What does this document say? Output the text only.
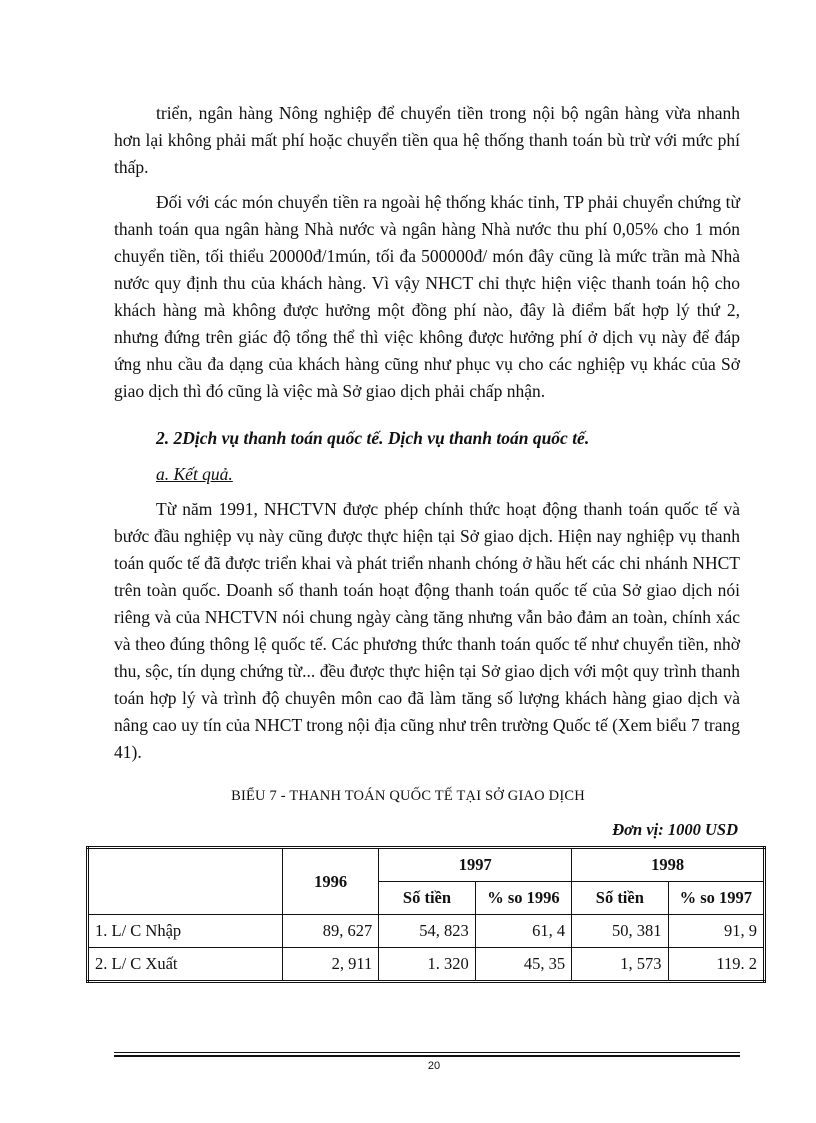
triển, ngân hàng Nông nghiệp để chuyển tiền trong nội bộ ngân hàng vừa nhanh hơn lại không phải mất phí hoặc chuyển tiền qua hệ thống thanh toán bù trừ với mức phí thấp.

Đối với các món chuyển tiền ra ngoài hệ thống khác tỉnh, TP phải chuyển chứng từ thanh toán qua ngân hàng Nhà nước và ngân hàng Nhà nước thu phí 0,05% cho 1 món chuyển tiền, tối thiểu 20000đ/1mún, tối đa 500000đ/ món đây cũng là mức trần mà Nhà nước quy định thu của khách hàng. Vì vậy NHCT chỉ thực hiện việc thanh toán hộ cho khách hàng mà không được hưởng một đồng phí nào, đây là điểm bất hợp lý thứ 2, nhưng đứng trên giác độ tổng thể thì việc không được hưởng phí ở dịch vụ này để đáp ứng nhu cầu đa dạng của khách hàng cũng như phục vụ cho các nghiệp vụ khác của Sở giao dịch thì đó cũng là việc mà Sở giao dịch phải chấp nhận.

2. 2Dịch vụ thanh toán quốc tế. Dịch vụ thanh toán quốc tế.
a. Kết quả.

Từ năm 1991, NHCTVN được phép chính thức hoạt động thanh toán quốc tế và bước đầu nghiệp vụ này cũng được thực hiện tại Sở giao dịch. Hiện nay nghiệp vụ thanh toán quốc tế đã được triển khai và phát triển nhanh chóng ở hầu hết các chi nhánh NHCT trên toàn quốc. Doanh số thanh toán hoạt động thanh toán quốc tế của Sở giao dịch nói riêng và của NHCTVN nói chung ngày càng tăng nhưng vẫn bảo đảm an toàn, chính xác và theo đúng thông lệ quốc tế. Các phương thức thanh toán quốc tế như chuyển tiền, nhờ thu, sộc, tín dụng chứng từ... đều được thực hiện tại Sở giao dịch với một quy trình thanh toán hợp lý và trình độ chuyên môn cao đã làm tăng số lượng khách hàng giao dịch và nâng cao uy tín của NHCT trong nội địa cũng như trên trường Quốc tế (Xem biểu 7 trang 41).

BIỂU 7 - THANH TOÁN QUỐC TẾ TẠI SỞ GIAO DỊCH
Đơn vị: 1000 USD
	1996	1997		1998	
		Số tiền	% so 1996	Số tiền	% so 1997
1. L/ C Nhập	89, 627	54, 823	61, 4	50, 381	91, 9
2. L/ C Xuất	2, 911	1. 320	45, 35	1, 573	119. 2
20
